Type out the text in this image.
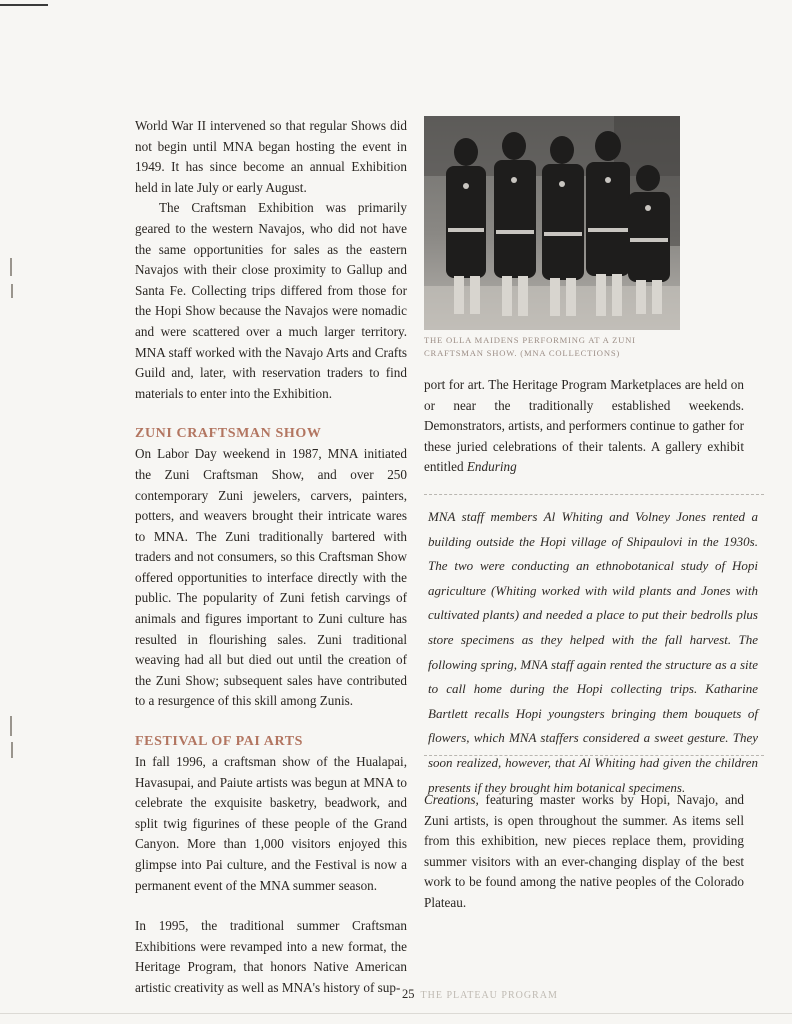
World War II intervened so that regular Shows did not begin until MNA began hosting the event in 1949. It has since become an annual Exhibition held in late July or early August.

The Craftsman Exhibition was primarily geared to the western Navajos, who did not have the same opportunities for sales as the eastern Navajos with their close proximity to Gallup and Santa Fe. Collecting trips differed from those for the Hopi Show because the Navajos were nomadic and were scattered over a much larger territory. MNA staff worked with the Navajo Arts and Crafts Guild and, later, with reservation traders to find materials to enter into the Exhibition.

ZUNI CRAFTSMAN SHOW

On Labor Day weekend in 1987, MNA initiated the Zuni Craftsman Show, and over 250 contemporary Zuni jewelers, carvers, painters, potters, and weavers brought their intricate wares to MNA. The Zuni traditionally bartered with traders and not consumers, so this Craftsman Show offered opportunities to interface directly with the public. The popularity of Zuni fetish carvings of animals and figures important to Zuni culture has resulted in flourishing sales. Zuni traditional weaving had all but died out until the creation of the Zuni Show; subsequent sales have contributed to a resurgence of this skill among Zunis.

FESTIVAL OF PAI ARTS

In fall 1996, a craftsman show of the Hualapai, Havasupai, and Paiute artists was begun at MNA to celebrate the exquisite basketry, beadwork, and split twig figurines of these people of the Grand Canyon. More than 1,000 visitors enjoyed this glimpse into Pai culture, and the Festival is now a permanent event of the MNA summer season.

In 1995, the traditional summer Craftsman Exhibitions were revamped into a new format, the Heritage Program, that honors Native American artistic creativity as well as MNA's history of sup-

THE OLLA MAIDENS PERFORMING AT A ZUNI CRAFTSMAN SHOW. (MNA COLLECTIONS)

port for art. The Heritage Program Marketplaces are held on or near the traditionally established weekends. Demonstrators, artists, and performers continue to gather for these juried celebrations of their talents. A gallery exhibit entitled Enduring

MNA staff members Al Whiting and Volney Jones rented a building outside the Hopi village of Shipaulovi in the 1930s. The two were conducting an ethnobotanical study of Hopi agriculture (Whiting worked with wild plants and Jones with cultivated plants) and needed a place to put their bedrolls plus store specimens as they helped with the fall harvest. The following spring, MNA staff again rented the structure as a site to call home during the Hopi collecting trips. Katharine Bartlett recalls Hopi youngsters bringing them bouquets of flowers, which MNA staffers considered a sweet gesture. They soon realized, however, that Al Whiting had given the children presents if they brought him botanical specimens.

Creations, featuring master works by Hopi, Navajo, and Zuni artists, is open throughout the summer. As items sell from this exhibition, new pieces replace them, providing summer visitors with an ever-changing display of the best work to be found among the native peoples of the Colorado Plateau.

25 THE PLATEAU PROGRAM
